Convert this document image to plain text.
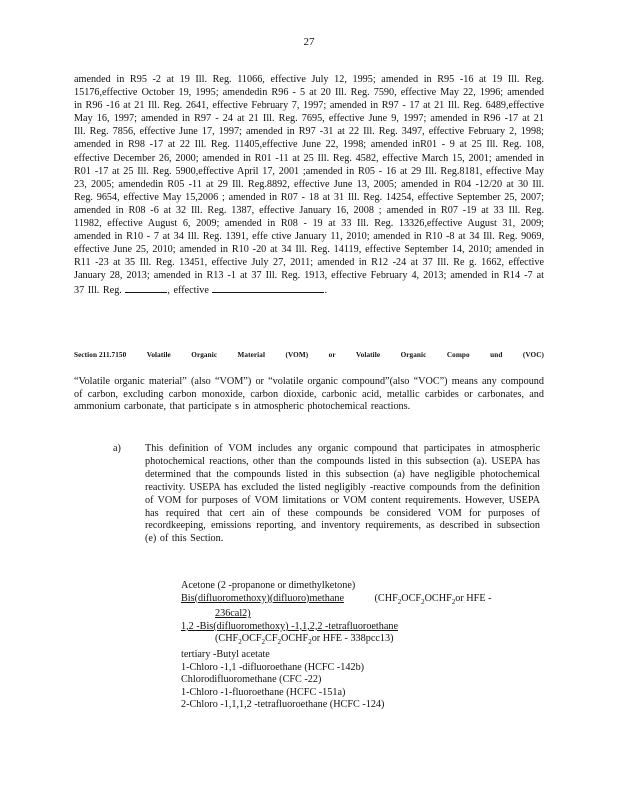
27
amended in R95 -2 at 19 Ill. Reg. 11066, effective July 12, 1995; amended in R95 -16 at 19 Ill. Reg. 15176,effective October 19, 1995; amendedin R96 - 5 at 20 Ill. Reg. 7590, effective May 22, 1996; amended in R96 -16 at 21 Ill. Reg. 2641, effective February 7, 1997; amended in R97 - 17 at 21 Ill. Reg. 6489,effective May 16, 1997; amended in R97 - 24 at 21 Ill. Reg. 7695, effective June 9, 1997; amended in R96 -17 at 21 Ill. Reg. 7856, effective June 17, 1997; amended in R97 -31 at 22 Ill. Reg. 3497, effective February 2, 1998; amended in R98 -17 at 22 Ill. Reg. 11405,effective June 22, 1998; amended inR01 - 9 at 25 Ill. Reg. 108, effective December 26, 2000; amended in R01 -11 at 25 Ill. Reg. 4582, effective March 15, 2001; amended in R01 -17 at 25 Ill. Reg. 5900,effective April 17, 2001 ;amended in R05 - 16 at 29 Ill. Reg.8181, effective May 23, 2005; amendedin R05 -11 at 29 Ill. Reg.8892, effective June 13, 2005; amended in R04 -12/20 at 30 Ill. Reg. 9654, effective May 15,2006 ; amended in R07 - 18 at 31 Ill. Reg. 14254, effective September 25, 2007; amended in R08 -6 at 32 Ill. Reg. 1387, effective January 16, 2008 ; amended in R07 -19 at 33 Ill. Reg. 11982, effective August 6, 2009; amended in R08 - 19 at 33 Ill. Reg. 13326,effective August 31, 2009; amended in R10 - 7 at 34 Ill. Reg. 1391, effe ctive January 11, 2010; amended in R10 -8 at 34 Ill. Reg. 9069, effective June 25, 2010; amended in R10 -20 at 34 Ill. Reg. 14119, effective September 14, 2010; amended in R11 -23 at 35 Ill. Reg. 13451, effective July 27, 2011; amended in R12 -24 at 37 Ill. Re g. 1662, effective January 28, 2013; amended in R13 -1 at 37 Ill. Reg. 1913, effective February 4, 2013; amended in R14 -7 at 37 Ill. Reg.	, effective	.
Section 211.7150	Volatile	Organic	Material	(VOM)	or	Volatile	Organic	Compo	und	(VOC)
“Volatile organic material” (also “VOM”) or “volatile organic compound”(also “VOC”) means any compound of carbon, excluding carbon monoxide, carbon dioxide, carbonic acid, metallic carbides or carbonates, and ammonium carbonate, that participate s in atmospheric photochemical reactions.
a) This definition of VOM includes any organic compound that participates in atmospheric photochemical reactions, other than the compounds listed in this subsection (a). USEPA has determined that the compounds listed in this subsection (a) have negligible photochemical reactivity. USEPA has excluded the listed negligibly -reactive compounds from the definition of VOM for purposes of VOM limitations or VOM content requirements. However, USEPA has required that cert ain of these compounds be considered VOM for purposes of recordkeeping, emissions reporting, and inventory requirements, as described in subsection (e) of this Section.
Acetone (2 -propanone or dimethylketone)
Bis(difluoromethoxy)(difluoro)methane	($CHF_2OCF_2OCHF_2or$ HFE -
236cal2)
1,2 -Bis(difluoromethoxy) -1,1,2,2 -tetrafluoroethane
($CHF_2OCF_2CF_2OCHF_2or$ HFE - 338pcc13)
tertiary -Butyl acetate
1-Chloro -1,1 -difluoroethane (HCFC -142b)
Chlorodifluoromethane (CFC -22)
1-Chloro -1-fluoroethane (HCFC -151a)
2-Chloro -1,1,1,2 -tetrafluoroethane (HCFC -124)
